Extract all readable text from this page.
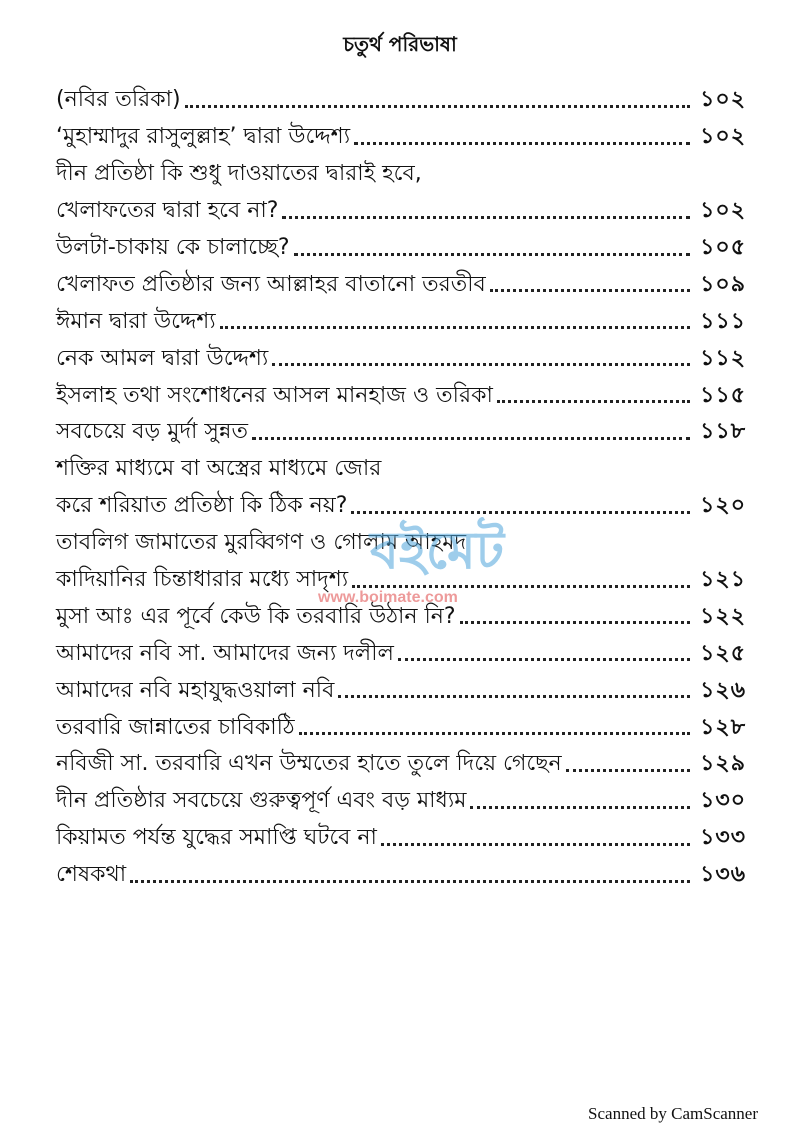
চতুর্থ পরিভাষা
(নবির তরিকা)	১০২
‘মুহাম্মাদুর রাসুলুল্লাহ’ দ্বারা উদ্দেশ্য	১০২
দীন প্রতিষ্ঠা কি শুধু দাওয়াতের দ্বারাই হবে,
খেলাফতের দ্বারা হবে না?	১০২
উলটা-চাকায় কে চালাচ্ছে?	১০৫
খেলাফত প্রতিষ্ঠার জন্য আল্লাহর বাতানো তরতীব	১০৯
ঈমান দ্বারা উদ্দেশ্য	১১১
নেক আমল দ্বারা উদ্দেশ্য	১১২
ইসলাহ তথা সংশোধনের আসল মানহাজ ও তরিকা	১১৫
সবচেয়ে বড় মুর্দা সুন্নত	১১৮
শক্তির মাধ্যমে বা অস্ত্রের মাধ্যমে জোর
করে শরিয়াত প্রতিষ্ঠা কি ঠিক নয়?	১২০
তাবলিগ জামাতের মুরব্বিগণ ও গোলাম আহমদ
কাদিয়ানির চিন্তাধারার মধ্যে সাদৃশ্য	১২১
মুসা আঃ এর পূর্বে কেউ কি তরবারি উঠান নি?	১২২
আমাদের নবি সা. আমাদের জন্য দলীল	১২৫
আমাদের নবি মহাযুদ্ধওয়ালা নবি	১২৬
তরবারি জান্নাতের চাবিকাঠি	১২৮
নবিজী সা. তরবারি এখন উম্মতের হাতে তুলে দিয়ে গেছেন	১২৯
দীন প্রতিষ্ঠার সবচেয়ে গুরুত্বপূর্ণ এবং বড় মাধ্যম	১৩০
কিয়ামত পর্যন্ত যুদ্ধের সমাপ্তি ঘটবে না	১৩৩
শেষকথা	১৩৬
বইমেট
www.boimate.com
Scanned by CamScanner
